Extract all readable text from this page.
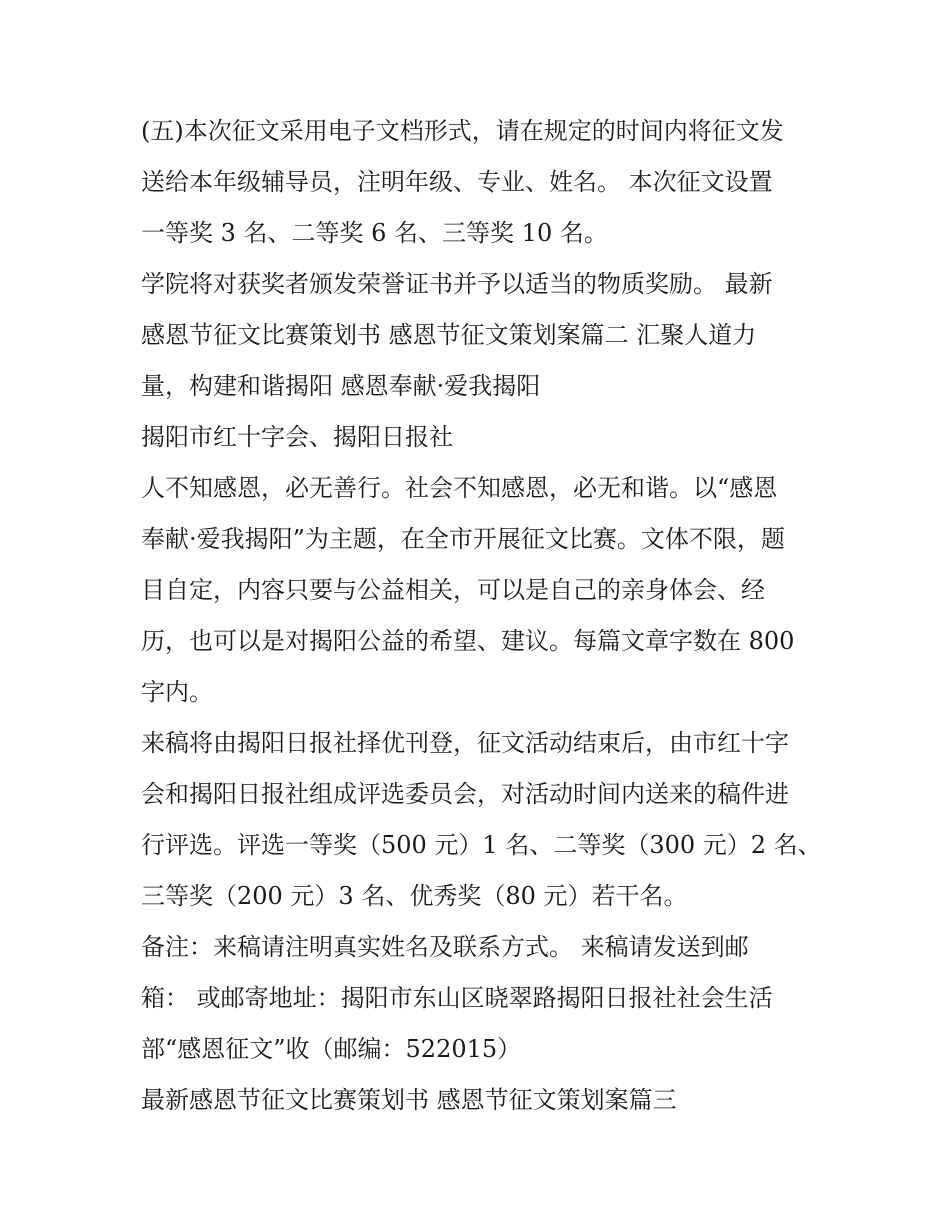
(五)本次征文采用电子文档形式，请在规定的时间内将征文发
送给本年级辅导员，注明年级、专业、姓名。 本次征文设置
一等奖 3 名、二等奖 6 名、三等奖 10 名。

学院将对获奖者颁发荣誉证书并予以适当的物质奖励。 最新
感恩节征文比赛策划书 感恩节征文策划案篇二 汇聚人道力
量，构建和谐揭阳 感恩奉献·爱我揭阳

揭阳市红十字会、揭阳日报社

人不知感恩，必无善行。社会不知感恩，必无和谐。以“感恩
奉献·爱我揭阳”为主题，在全市开展征文比赛。文体不限，题
目自定，内容只要与公益相关，可以是自己的亲身体会、经
历，也可以是对揭阳公益的希望、建议。每篇文章字数在 800
字内。

来稿将由揭阳日报社择优刊登，征文活动结束后，由市红十字
会和揭阳日报社组成评选委员会，对活动时间内送来的稿件进
行评选。评选一等奖（500 元）1 名、二等奖（300 元）2 名、
三等奖（200 元）3 名、优秀奖（80 元）若干名。

备注：来稿请注明真实姓名及联系方式。 来稿请发送到邮
箱： 或邮寄地址：揭阳市东山区晓翠路揭阳日报社社会生活
部“感恩征文”收（邮编：522015）

最新感恩节征文比赛策划书 感恩节征文策划案篇三
